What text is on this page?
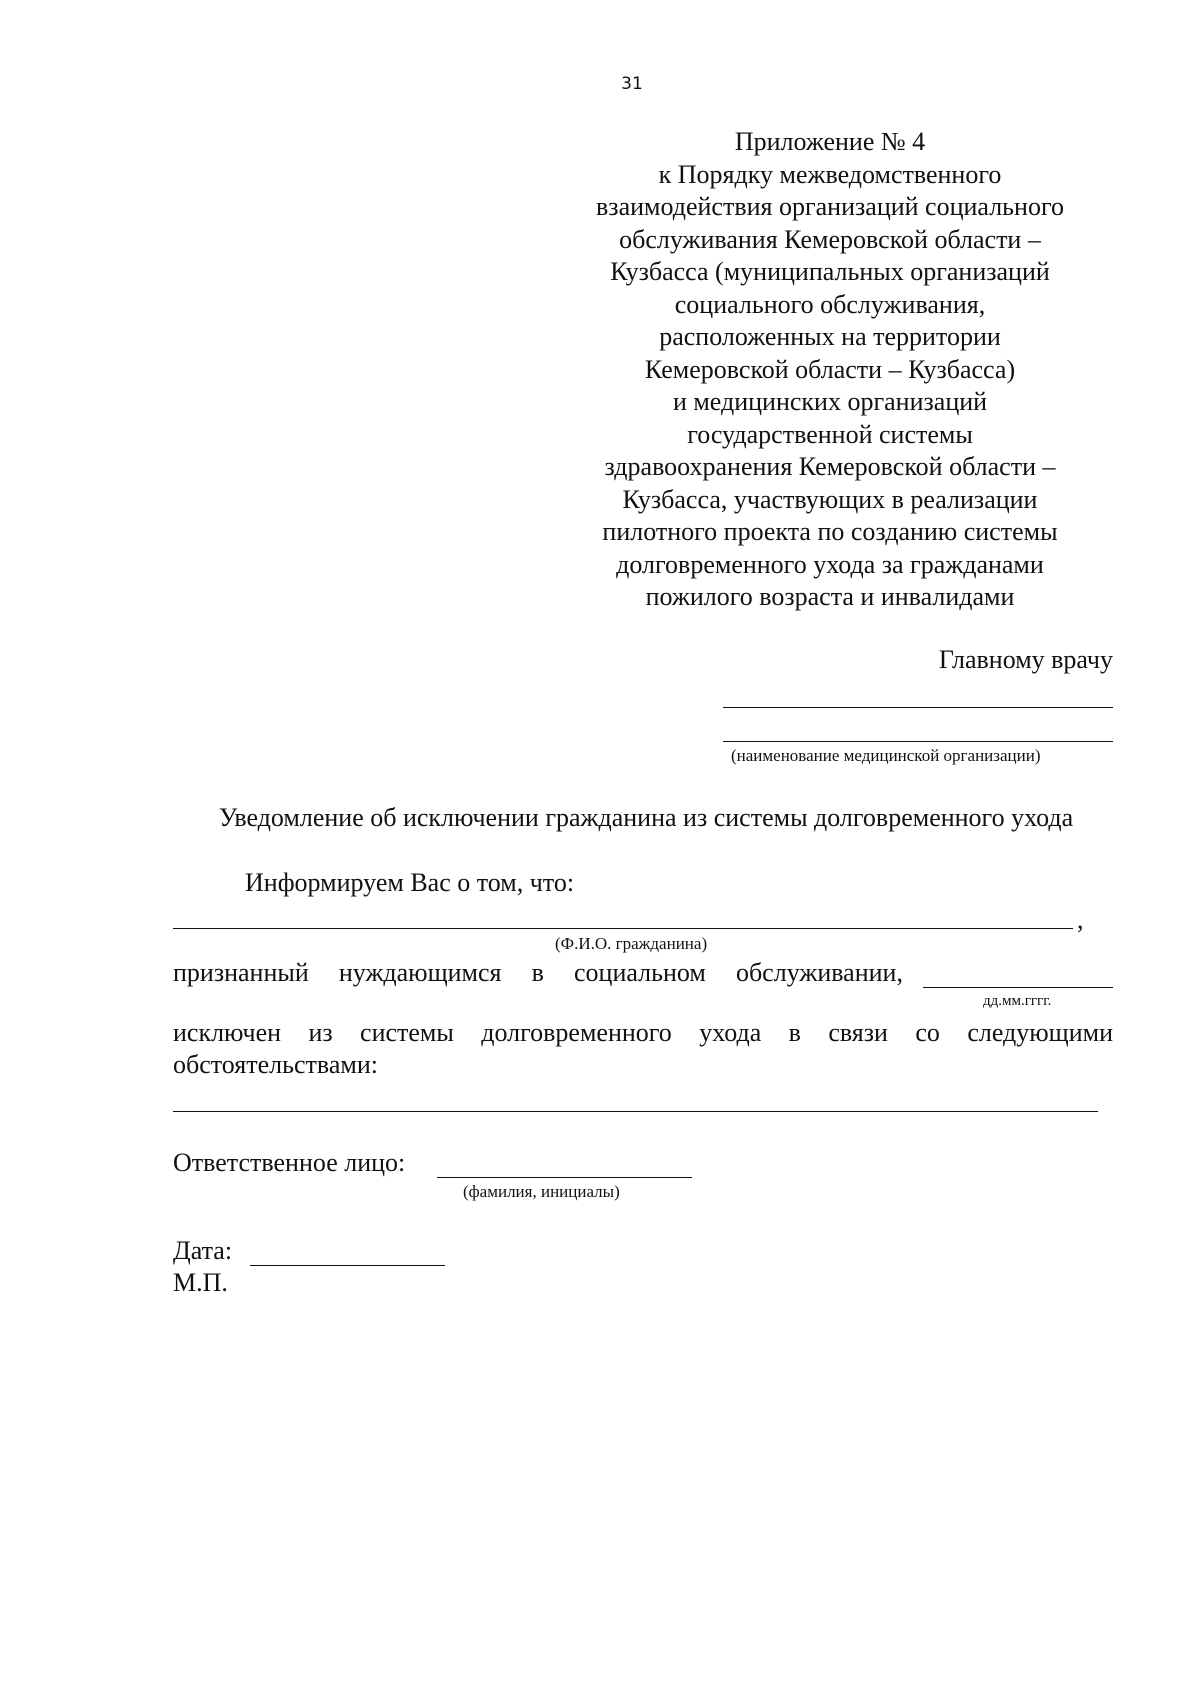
31
Приложение № 4
к Порядку межведомственного
взаимодействия организаций социального
обслуживания Кемеровской области –
Кузбасса (муниципальных организаций
социального обслуживания,
расположенных на территории
Кемеровской области – Кузбасса)
и медицинских организаций
государственной системы
здравоохранения Кемеровской области –
Кузбасса, участвующих в реализации
пилотного проекта по созданию системы
долговременного ухода за гражданами
пожилого возраста и инвалидами
Главному врачу
(наименование медицинской организации)
Уведомление об исключении гражданина из системы долговременного ухода
Информируем Вас о том, что:
,
(Ф.И.О. гражданина)
признанный нуждающимся в социальном обслуживании,
дд.мм.гггг.
исключен из системы долговременного ухода в связи со следующими
обстоятельствами:
Ответственное лицо:
(фамилия, инициалы)
Дата:
М.П.
